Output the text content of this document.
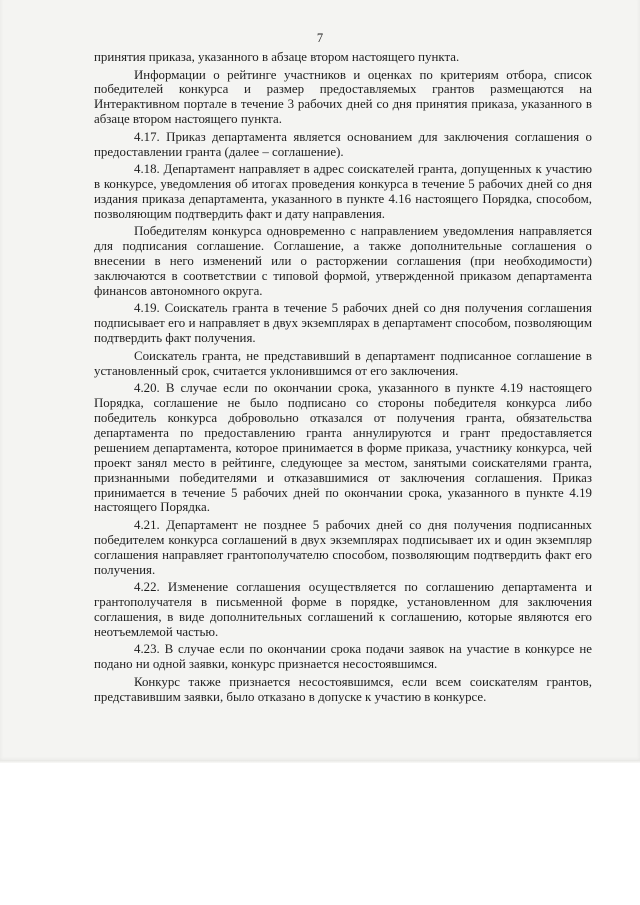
7

принятия приказа, указанного в абзаце втором настоящего пункта.

Информации о рейтинге участников и оценках по критериям отбора, список победителей конкурса и размер предоставляемых грантов размещаются на Интерактивном портале в течение 3 рабочих дней со дня принятия приказа, указанного в абзаце втором настоящего пункта.

4.17. Приказ департамента является основанием для заключения соглашения о предоставлении гранта (далее – соглашение).

4.18. Департамент направляет в адрес соискателей гранта, допущенных к участию в конкурсе, уведомления об итогах проведения конкурса в течение 5 рабочих дней со дня издания приказа департамента, указанного в пункте 4.16 настоящего Порядка, способом, позволяющим подтвердить факт и дату направления.

Победителям конкурса одновременно с направлением уведомления направляется для подписания соглашение. Соглашение, а также дополнительные соглашения о внесении в него изменений или о расторжении соглашения (при необходимости) заключаются в соответствии с типовой формой, утвержденной приказом департамента финансов автономного округа.

4.19. Соискатель гранта в течение 5 рабочих дней со дня получения соглашения подписывает его и направляет в двух экземплярах в департамент способом, позволяющим подтвердить факт получения.

Соискатель гранта, не представивший в департамент подписанное соглашение в установленный срок, считается уклонившимся от его заключения.

4.20. В случае если по окончании срока, указанного в пункте 4.19 настоящего Порядка, соглашение не было подписано со стороны победителя конкурса либо победитель конкурса добровольно отказался от получения гранта, обязательства департамента по предоставлению гранта аннулируются и грант предоставляется решением департамента, которое принимается в форме приказа, участнику конкурса, чей проект занял место в рейтинге, следующее за местом, занятыми соискателями гранта, признанными победителями и отказавшимися от заключения соглашения. Приказ принимается в течение 5 рабочих дней по окончании срока, указанного в пункте 4.19 настоящего Порядка.

4.21. Департамент не позднее 5 рабочих дней со дня получения подписанных победителем конкурса соглашений в двух экземплярах подписывает их и один экземпляр соглашения направляет грантополучателю способом, позволяющим подтвердить факт его получения.

4.22. Изменение соглашения осуществляется по соглашению департамента и грантополучателя в письменной форме в порядке, установленном для заключения соглашения, в виде дополнительных соглашений к соглашению, которые являются его неотъемлемой частью.

4.23. В случае если по окончании срока подачи заявок на участие в конкурсе не подано ни одной заявки, конкурс признается несостоявшимся.

Конкурс также признается несостоявшимся, если всем соискателям грантов, представившим заявки, было отказано в допуске к участию в конкурсе.
